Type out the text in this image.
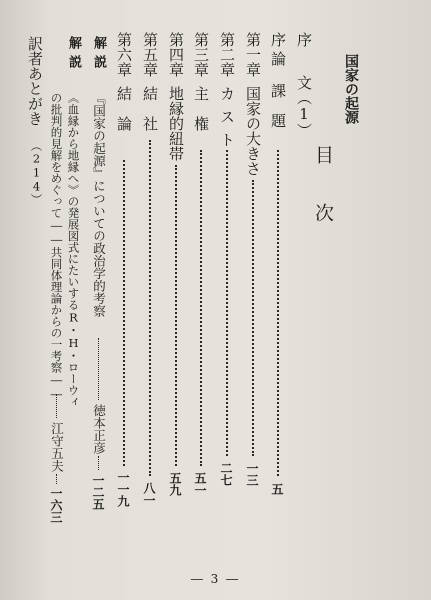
国家の起源
目　次
序
文（1）
序論
課　題
五
第一章
国家の大きさ
一三
第二章
カスト
二七
第三章
主　権
五一
第四章
地縁的紐帯
五九
第五章
結　社
八一
第六章
結　論
一一九
解説
『国家の起源』についての政治学的考察
徳本正彦
一二五
解説
《血縁から地縁へ》の発展図式にたいするR・H・ローウィ
の批判的見解をめぐって――共同体理論からの一考察――
江守五夫
一六三
訳者あとがき
（214）
― 3 ―
